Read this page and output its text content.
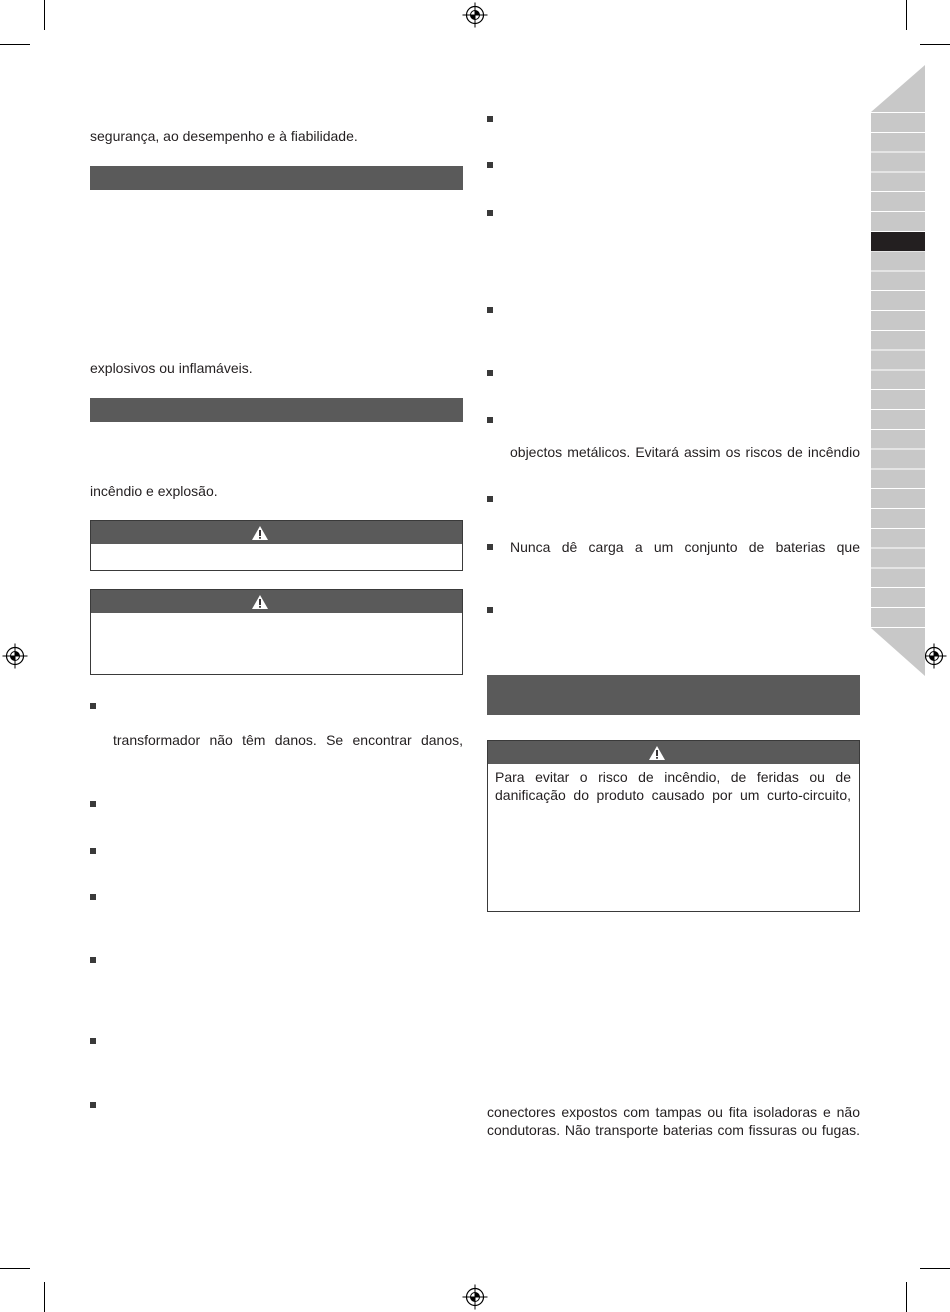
segurança, ao desempenho e à fiabilidade.
explosivos ou inflamáveis.
incêndio e explosão.
transformador não têm danos. Se encontrar danos,
objectos metálicos. Evitará assim os riscos de incêndio
Nunca dê carga a um conjunto de baterias que
Para evitar o risco de incêndio, de feridas ou de
danificação do produto causado por um curto-circuito,
conectores expostos com tampas ou fita isoladoras e não
condutoras. Não transporte baterias com fissuras ou fugas.
